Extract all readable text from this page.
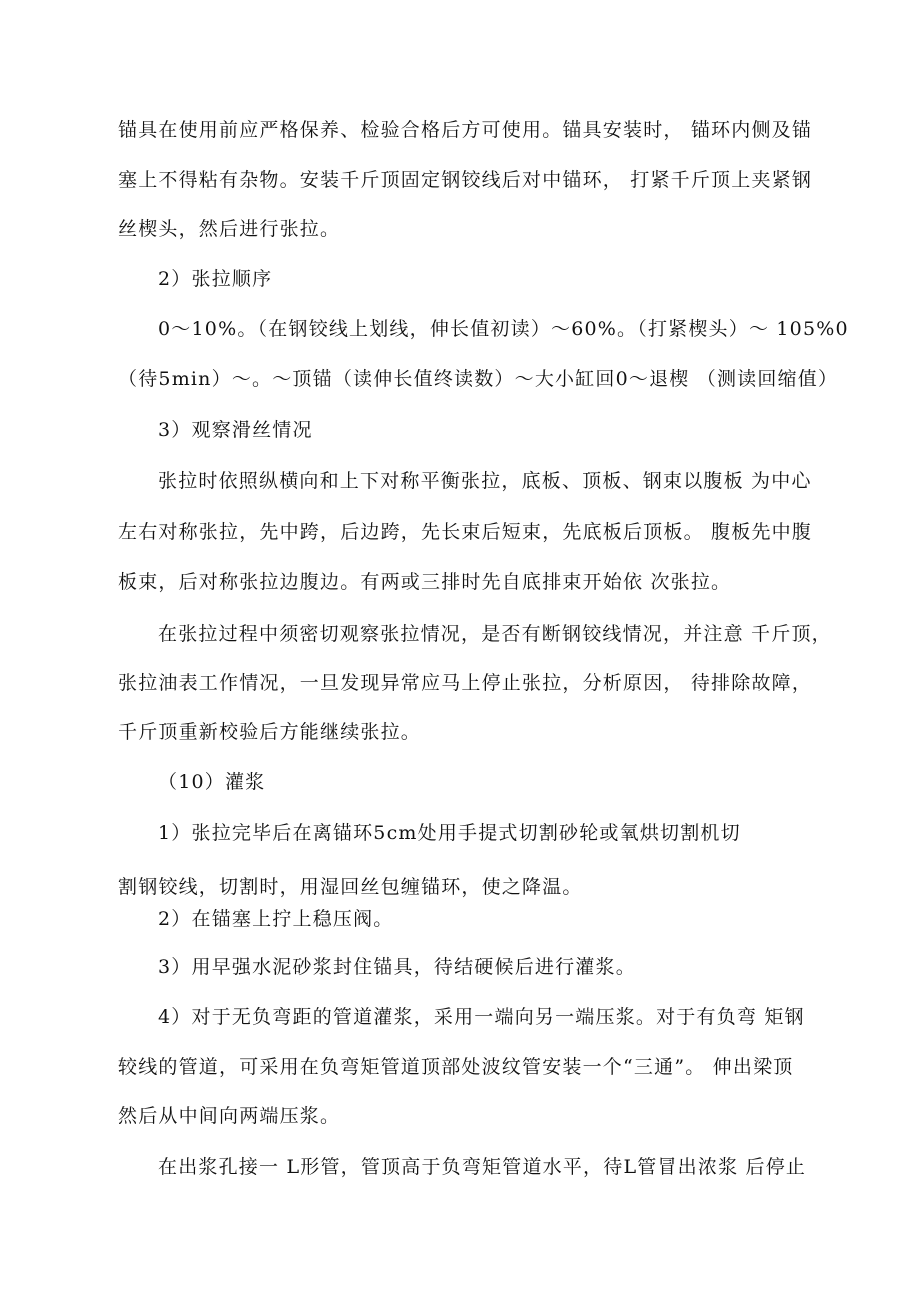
锚具在使用前应严格保养、检验合格后方可使用。锚具安装时， 锚环内侧及锚
塞上不得粘有杂物。安装千斤顶固定钢铰线后对中锚环， 打紧千斤顶上夹紧钢
丝楔头，然后进行张拉。
2）张拉顺序
0～10%。（在钢铰线上划线，伸长值初读）～60%。（打紧楔头）～ 105%0
（待5min）～。～顶锚（读伸长值终读数）～大小缸回0～退楔 （测读回缩值）
3）观察滑丝情况
张拉时依照纵横向和上下对称平衡张拉，底板、顶板、钢束以腹板 为中心
左右对称张拉，先中跨，后边跨，先长束后短束，先底板后顶板。 腹板先中腹
板束，后对称张拉边腹边。有两或三排时先自底排束开始依 次张拉。
在张拉过程中须密切观察张拉情况，是否有断钢铰线情况，并注意 千斤顶，
张拉油表工作情况，一旦发现异常应马上停止张拉，分析原因， 待排除故障，
千斤顶重新校验后方能继续张拉。
（10）灌浆
1）张拉完毕后在离锚环5cm处用手提式切割砂轮或氧烘切割机切
割钢铰线，切割时，用湿回丝包缠锚环，使之降温。
2）在锚塞上拧上稳压阀。
3）用早强水泥砂浆封住锚具，待结硬候后进行灌浆。
4）对于无负弯距的管道灌浆，采用一端向另一端压浆。对于有负弯 矩钢
较线的管道，可采用在负弯矩管道顶部处波纹管安装一个“三通”。 伸出梁顶
然后从中间向两端压浆。
在出浆孔接一 L形管，管顶高于负弯矩管道水平，待L管冒出浓浆 后停止
